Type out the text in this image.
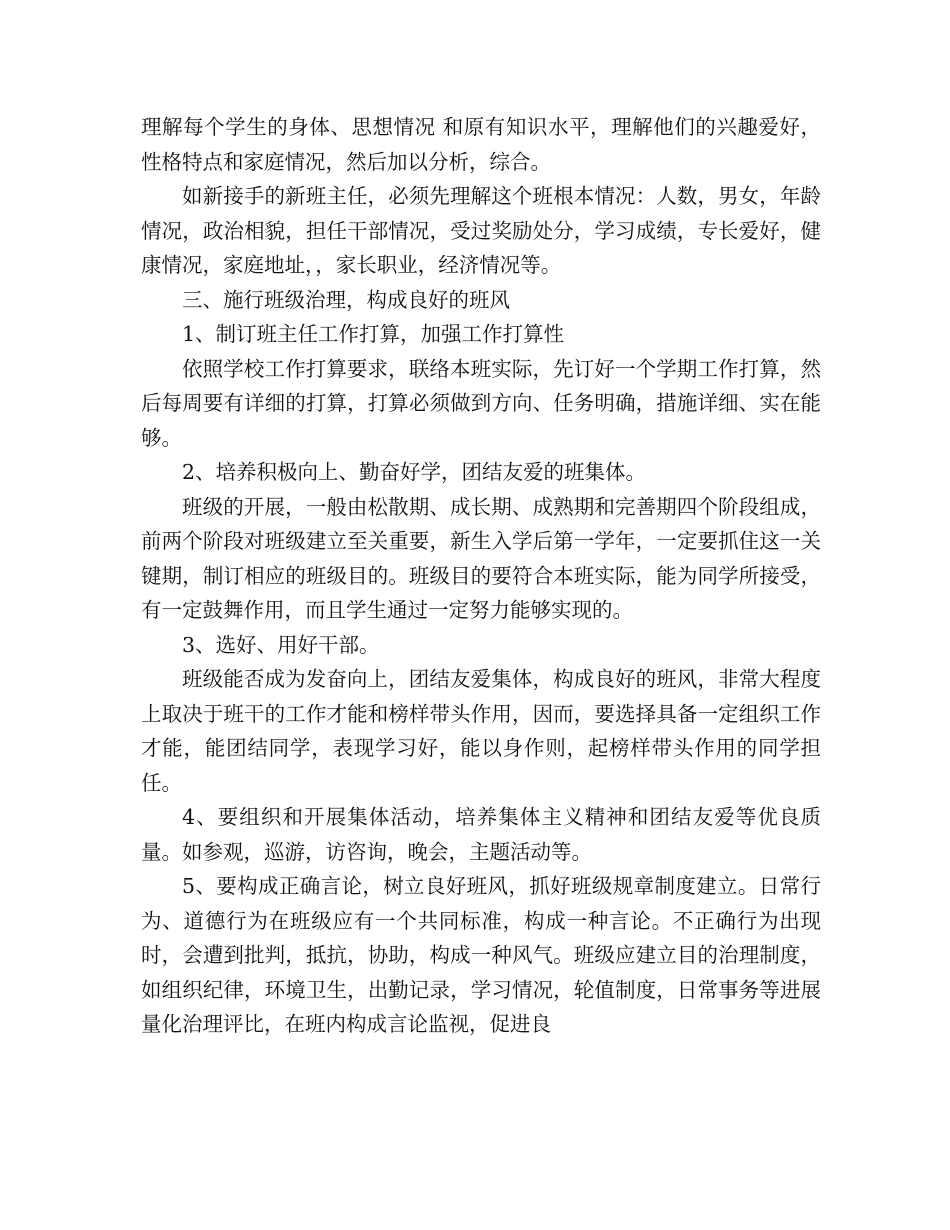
理解每个学生的身体、思想情况 和原有知识水平，理解他们的兴趣爱好，性格特点和家庭情况，然后加以分析，综合。

如新接手的新班主任，必须先理解这个班根本情况：人数，男女，年龄情况，政治相貌，担任干部情况，受过奖励处分，学习成绩，专长爱好，健康情况，家庭地址，，家长职业，经济情况等。

三、施行班级治理，构成良好的班风

1、制订班主任工作打算，加强工作打算性

依照学校工作打算要求，联络本班实际，先订好一个学期工作打算，然后每周要有详细的打算，打算必须做到方向、任务明确，措施详细、实在能够。

2、培养积极向上、勤奋好学，团结友爱的班集体。

班级的开展，一般由松散期、成长期、成熟期和完善期四个阶段组成，前两个阶段对班级建立至关重要，新生入学后第一学年，一定要抓住这一关键期，制订相应的班级目的。班级目的要符合本班实际，能为同学所接受，有一定鼓舞作用，而且学生通过一定努力能够实现的。

3、选好、用好干部。

班级能否成为发奋向上，团结友爱集体，构成良好的班风，非常大程度上取决于班干的工作才能和榜样带头作用，因而，要选择具备一定组织工作才能，能团结同学，表现学习好，能以身作则，起榜样带头作用的同学担任。

4、要组织和开展集体活动，培养集体主义精神和团结友爱等优良质量。如参观，巡游，访咨询，晚会，主题活动等。

5、要构成正确言论，树立良好班风，抓好班级规章制度建立。日常行为、道德行为在班级应有一个共同标准，构成一种言论。不正确行为出现时，会遭到批判，抵抗，协助，构成一种风气。班级应建立目的治理制度，如组织纪律，环境卫生，出勤记录，学习情况，轮值制度，日常事务等进展量化治理评比，在班内构成言论监视，促进良
